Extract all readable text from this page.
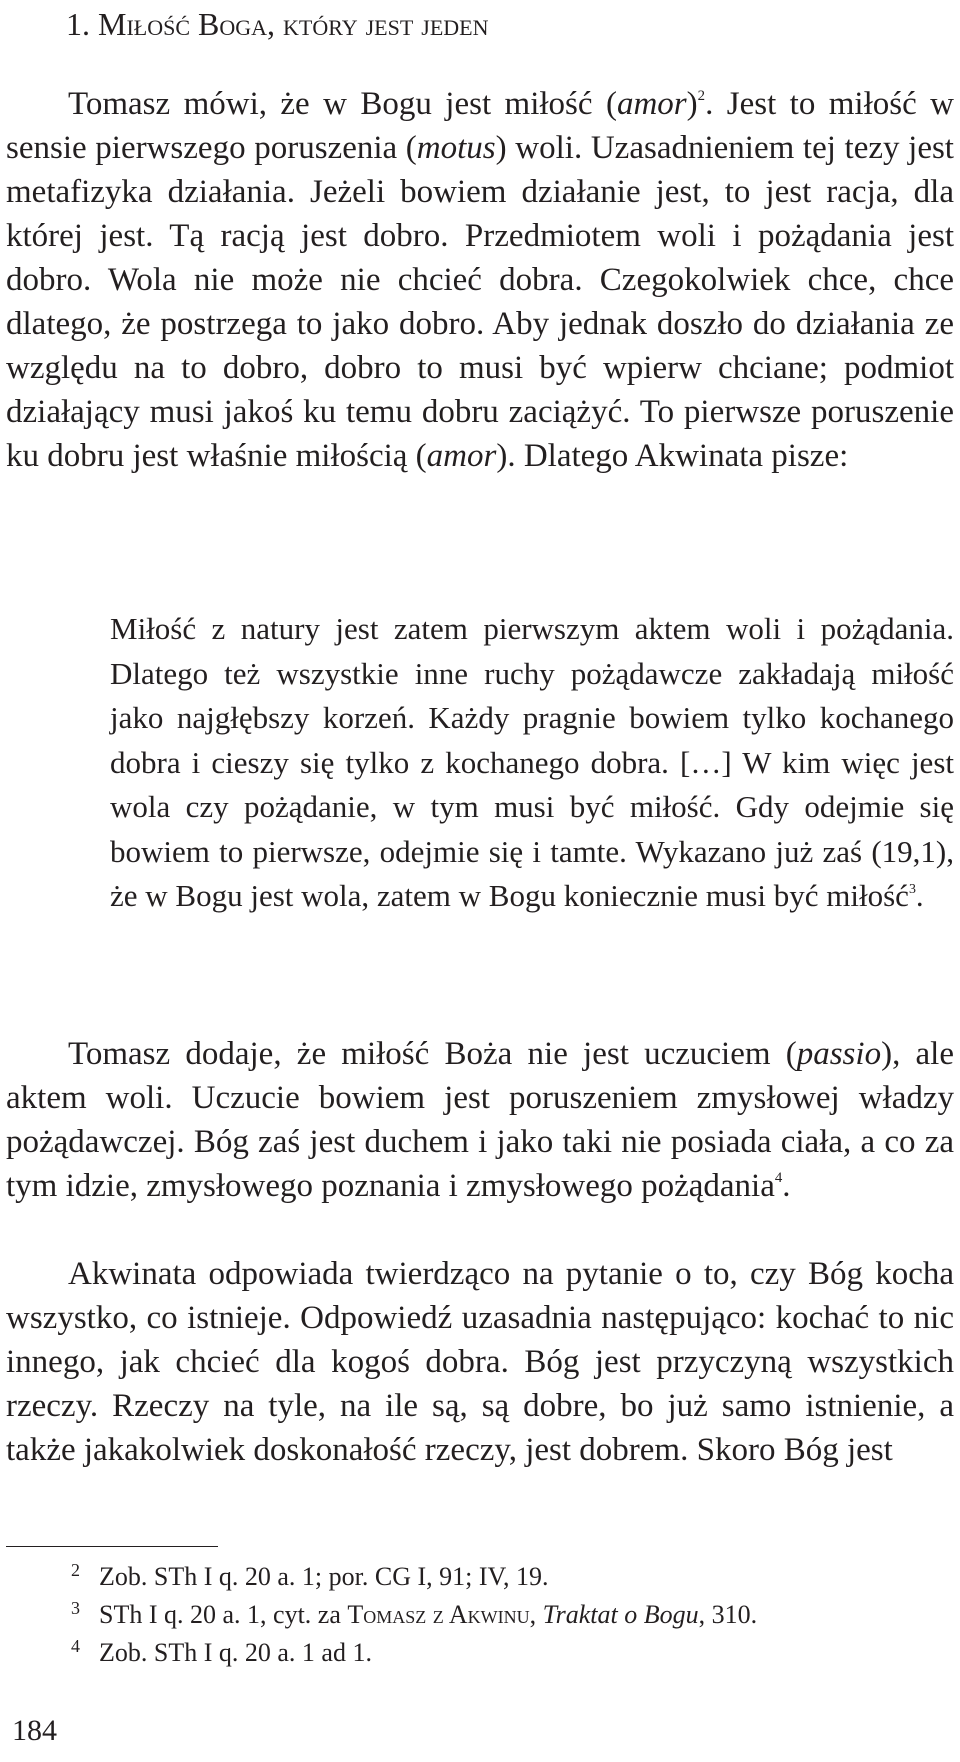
1. Miłość Boga, który jest jeden

Tomasz mówi, że w Bogu jest miłość (amor)$^2$. Jest to miłość w sensie pierwszego poruszenia (motus) woli. Uzasadnieniem tej tezy jest metafizyka działania. Jeżeli bowiem działanie jest, to jest racja, dla której jest. Tą racją jest dobro. Przedmiotem woli i pożądania jest dobro. Wola nie może nie chcieć dobra. Czegokolwiek chce, chce dlatego, że postrzega to jako dobro. Aby jednak doszło do działania ze względu na to dobro, dobro to musi być wpierw chciane; podmiot działający musi jakoś ku temu dobru zaciążyć. To pierwsze poruszenie ku dobru jest właśnie miłością (amor). Dlatego Akwinata pisze:

Miłość z natury jest zatem pierwszym aktem woli i pożądania. Dlatego też wszystkie inne ruchy pożądawcze zakładają miłość jako najgłębszy korzeń. Każdy pragnie bowiem tylko kochanego dobra i cieszy się tylko z kochanego dobra. […] W kim więc jest wola czy pożądanie, w tym musi być miłość. Gdy odejmie się bowiem to pierwsze, odejmie się i tamte. Wykazano już zaś (19,1), że w Bogu jest wola, zatem w Bogu koniecznie musi być miłość$^3$.

Tomasz dodaje, że miłość Boża nie jest uczuciem (passio), ale aktem woli. Uczucie bowiem jest poruszeniem zmysłowej władzy pożądawczej. Bóg zaś jest duchem i jako taki nie posiada ciała, a co za tym idzie, zmysłowego poznania i zmysłowego pożądania$^4$.

Akwinata odpowiada twierdząco na pytanie o to, czy Bóg kocha wszystko, co istnieje. Odpowiedź uzasadnia następująco: kochać to nic innego, jak chcieć dla kogoś dobra. Bóg jest przyczyną wszystkich rzeczy. Rzeczy na tyle, na ile są, są dobre, bo już samo istnienie, a także jakakolwiek doskonałość rzeczy, jest dobrem. Skoro Bóg jest

2 Zob. STh I q. 20 a. 1; por. CG I, 91; IV, 19.
3 STh I q. 20 a. 1, cyt. za Tomasz z Akwinu, Traktat o Bogu, 310.
4 Zob. STh I q. 20 a. 1 ad 1.
184
